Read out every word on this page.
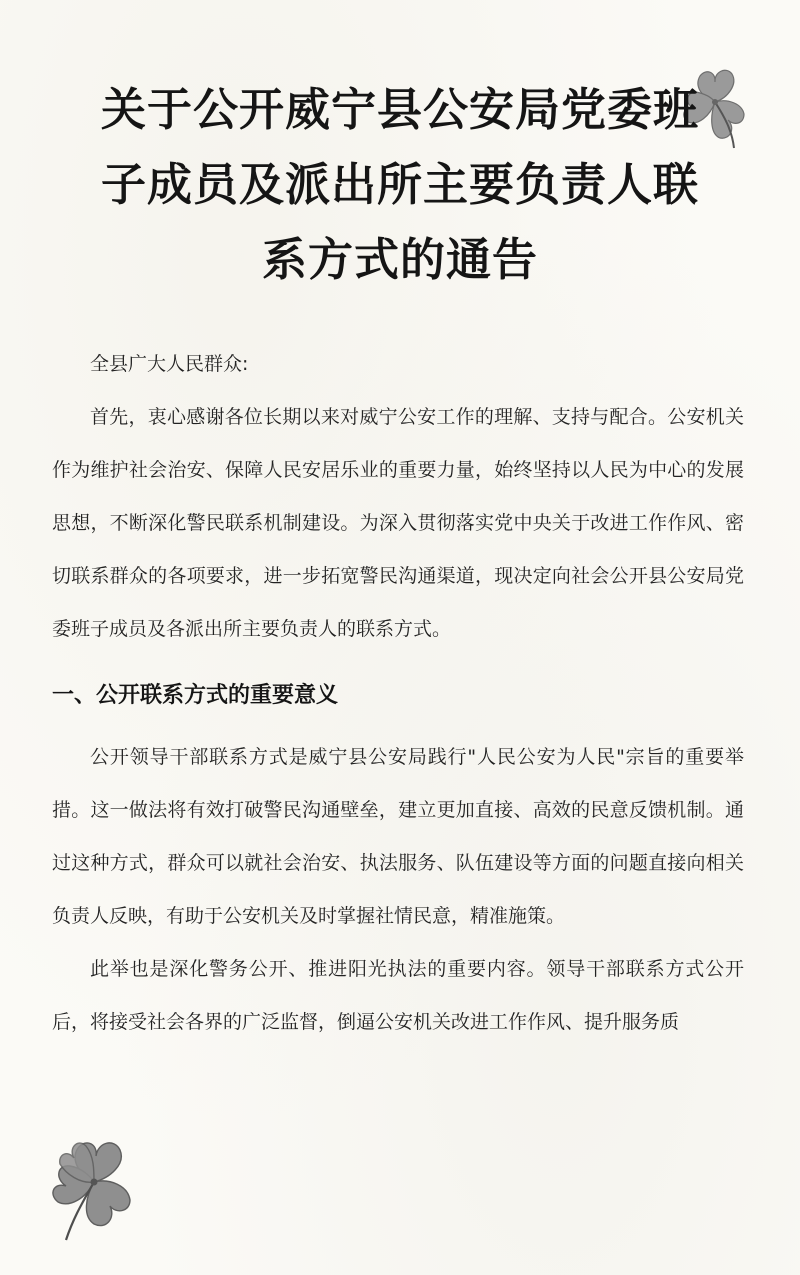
关于公开威宁县公安局党委班
子成员及派出所主要负责人联
系方式的通告

全县广大人民群众:

首先，衷心感谢各位长期以来对威宁公安工作的理解、支持与配合。公安机关作为维护社会治安、保障人民安居乐业的重要力量，始终坚持以人民为中心的发展思想，不断深化警民联系机制建设。为深入贯彻落实党中央关于改进工作作风、密切联系群众的各项要求，进一步拓宽警民沟通渠道，现决定向社会公开县公安局党委班子成员及各派出所主要负责人的联系方式。

一、公开联系方式的重要意义

公开领导干部联系方式是威宁县公安局践行"人民公安为人民"宗旨的重要举措。这一做法将有效打破警民沟通壁垒，建立更加直接、高效的民意反馈机制。通过这种方式，群众可以就社会治安、执法服务、队伍建设等方面的问题直接向相关负责人反映，有助于公安机关及时掌握社情民意，精准施策。

此举也是深化警务公开、推进阳光执法的重要内容。领导干部联系方式公开后，将接受社会各界的广泛监督，倒逼公安机关改进工作作风、提升服务质
